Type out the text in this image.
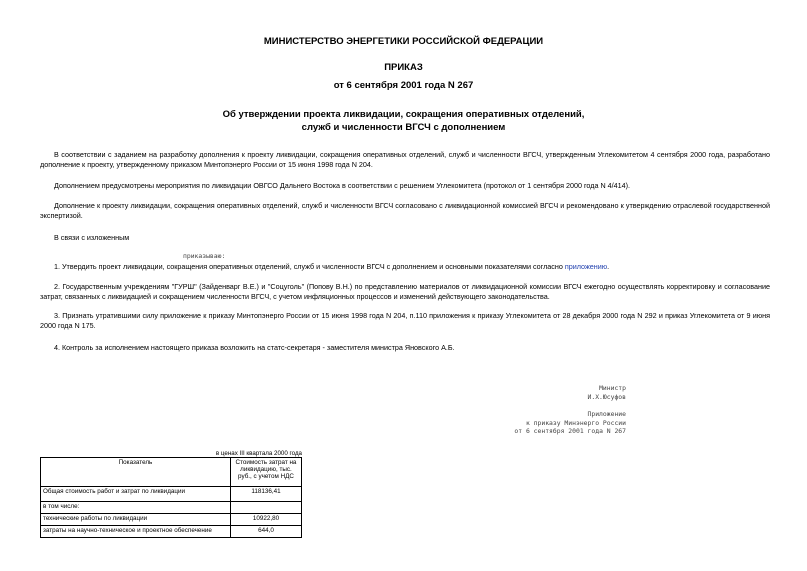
МИНИСТЕРСТВО ЭНЕРГЕТИКИ РОССИЙСКОЙ ФЕДЕРАЦИИ
ПРИКАЗ
от 6 сентября 2001 года N 267
Об утверждении проекта ликвидации, сокращения оперативных отделений,
служб и численности ВГСЧ с дополнением
В соответствии с заданием на разработку дополнения к проекту ликвидации, сокращения оперативных отделений, служб и численности ВГСЧ, утвержденным Углекомитетом 4 сентября 2000 года, разработано дополнение к проекту, утвержденному приказом Минтопэнерго России от 15 июня 1998 года N 204.
Дополнением предусмотрены мероприятия по ликвидации ОВГСО Дальнего Востока в соответствии с решением Углекомитета (протокол от 1 сентября 2000 года N 4/414).
Дополнение к проекту ликвидации, сокращения оперативных отделений, служб и численности ВГСЧ согласовано с ликвидационной комиссией ВГСЧ и рекомендовано к утверждению отраслевой государственной экспертизой.
В связи с изложенным
приказываю:
1. Утвердить проект ликвидации, сокращения оперативных отделений, служб и численности ВГСЧ с дополнением и основными показателями согласно приложению.
2. Государственным учреждениям "ГУРШ" (Зайденварг В.Е.) и "Соцуголь" (Попову В.Н.) по представлению материалов от ликвидационной комиссии ВГСЧ ежегодно осуществлять корректировку и согласование затрат, связанных с ликвидацией и сокращением численности ВГСЧ, с учетом инфляционных процессов и изменений действующего законодательства.
3. Признать утратившими силу приложение к приказу Минтопэнерго России от 15 июня 1998 года N 204, п.110 приложения к приказу Углекомитета от 28 декабря 2000 года N 292 и приказ Углекомитета от 9 июня 2000 года N 175.
4. Контроль за исполнением настоящего приказа возложить на статс-секретаря - заместителя министра Яновского А.Б.
Министр
И.Х.Юсуфов
Приложение
к приказу Минэнерго России
от 6 сентября 2001 года N 267
в ценах III квартала 2000 года
Показатель	Стоимость затрат на ликвидацию, тыс. руб., с учетом НДС
Общая стоимость работ и затрат по ликвидации	118136,41
в том числе:	
технические работы по ликвидации	10922,80
затраты на научно-техническое и проектное обеспечение	644,0
